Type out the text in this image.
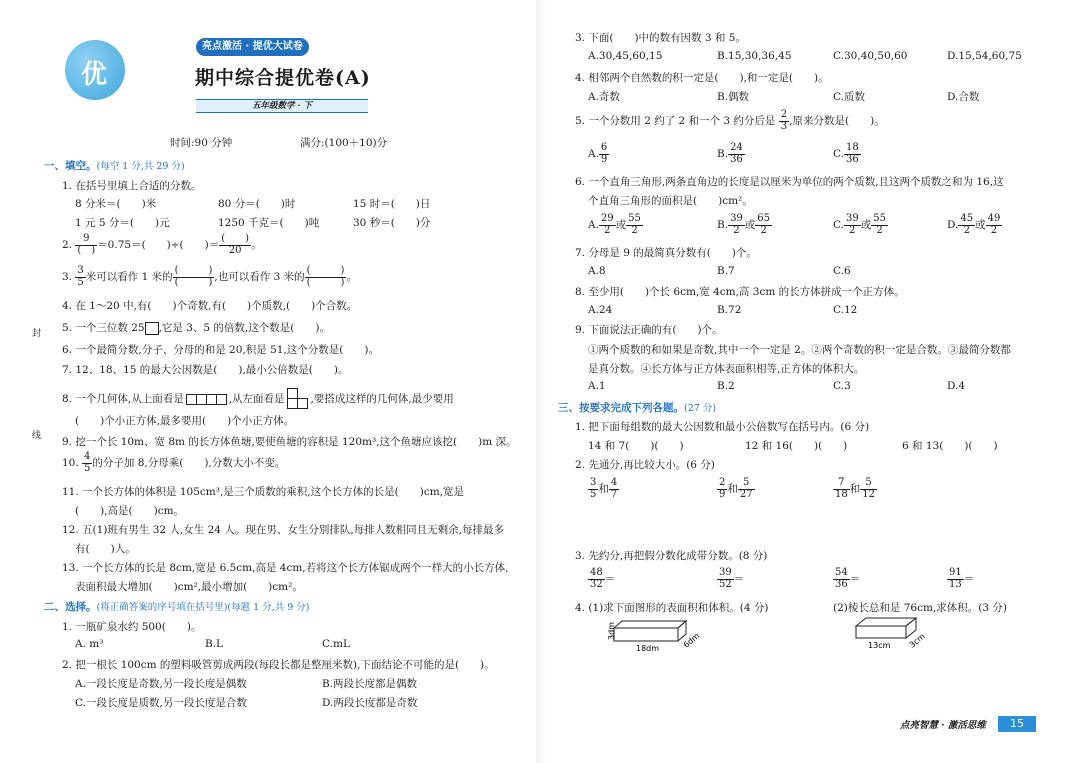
封
线
优
亮点激活 · 提优大试卷
期中综合提优卷(A)
五年级数学 · 下
时间:90 分钟	满分:(100＋10)分
一、填空。(每空 1 分,共 29 分)
1. 在括号里填上合适的分数。
8 分米＝(　　)米	80 分＝(　　)时	15 时＝(　　)日
1 元 5 分＝(　　)元	1250 千克＝(　　)吨	30 秒＝(　　)分
2. $\frac{9}{( )} =0.75=$(　　)÷(　　)＝ $\frac{( )}{20}$ 。
3. $\frac{3}{5}$ 米可以看作 1 米的 $\frac{( )}{( )}$ ,也可以看作 3 米的 $\frac{( )}{( )}$ 。
4. 在 1～20 中,有(　　)个奇数,有(　　)个质数,(　　)个合数。
5. 一个三位数 25 ,它是 3、5 的倍数,这个数是(　　)。
6. 一个最简分数,分子、分母的和是 20,积是 51,这个分数是(　　)。
7. 12、18、15 的最大公因数是(　　),最小公倍数是(　　)。
8. 一个几何体,从上面看是	,从左面看是 ,要搭成这样的几何体,最少要用
(　　)个小正方体,最多要用(　　)个小正方体。
9. 挖一个长 10m、宽 8m 的长方体鱼塘,要使鱼塘的容积是 120m³,这个鱼塘应该挖(　　)m 深。
10. $\frac{4}{5}$ 的分子加 8,分母乘(　　),分数大小不变。
11. 一个长方体的体积是 105cm³,是三个质数的乘积,这个长方体的长是(　　)cm,宽是
(　　),高是(　　)cm。
12. 五(1)班有男生 32 人,女生 24 人。现在男、女生分别排队,每排人数相同且无剩余,每排最多
有(　　)人。
13. 一个长方体的长是 8cm,宽是 6.5cm,高是 4cm,若将这个长方体锯成两个一样大的小长方体,
表面积最大增加(　　)cm²,最小增加(　　)cm²。
二、选择。(将正确答案的序号填在括号里)(每题 1 分,共 9 分)
1. 一瓶矿泉水约 500(　　)。
A. m³	B.L	C.mL
2. 把一根长 100cm 的塑料吸管剪成两段(每段长都是整厘米数),下面结论不可能的是(　　)。
A.一段长度是奇数,另一段长度是偶数	B.两段长度都是偶数
C.一段长度是质数,另一段长度是合数	D.两段长度都是奇数
3. 下面(　　)中的数有因数 3 和 5。
A.30,45,60,15	B.15,30,36,45	C.30,40,50,60	D.15,54,60,75
4. 相邻两个自然数的积一定是(　　),和一定是(　　)。
A.奇数	B.偶数	C.质数	D.合数
5. 一个分数用 2 约了 2 和一个 3 约分后是 $\frac{2}{3}$ ,原来分数是(　　)。
A. $\frac{6}{9}$	B. $\frac{24}{36}$	C. $\frac{18}{36}$
6. 一个直角三角形,两条直角边的长度是以厘米为单位的两个质数,且这两个质数之和为 16,这
个直角三角形的面积是(　　)cm²。
A. $\frac{29}{2}$ 或 $\frac{55}{2}$	B. $\frac{39}{2}$ 或 $\frac{65}{2}$	C. $\frac{39}{2}$ 或 $\frac{55}{2}$	D. $\frac{45}{2}$ 或 $\frac{49}{2}$
7. 分母是 9 的最简真分数有(　　)个。
A.8	B.7	C.6
8. 至少用(　　)个长 6cm,宽 4cm,高 3cm 的长方体拼成一个正方体。
A.24	B.72	C.12
9. 下面说法正确的有(　　)个。
①两个质数的和如果是奇数,其中一个一定是 2。②两个奇数的积一定是合数。③最简分数都
是真分数。④长方体与正方体表面积相等,正方体的体积大。
A.1	B.2	C.3	D.4
三、按要求完成下列各题。(27 分)
1. 把下面每组数的最大公因数和最小公倍数写在括号内。(6 分)
14 和 7(　　)(　　)	12 和 16(　　)(　　)	6 和 13(　　)(　　)
2. 先通分,再比较大小。(6 分)
$\frac{3}{5}$ 和 $\frac{4}{7}$	$\frac{2}{9}$ 和 $\frac{5}{27}$	$\frac{7}{18}$ 和 $\frac{5}{12}$
3. 先约分,再把假分数化成带分数。(8 分)
$\frac{48}{32}$ ＝	$\frac{39}{52}$ ＝	$\frac{54}{36}$ ＝	$\frac{91}{13}$ ＝
4. (1)求下面图形的表面积和体积。(4 分)	(2)棱长总和是 76cm,求体积。(3 分)
3dm
18dm	6dm	13cm 3cm
点亮智慧 · 激活思维	15
